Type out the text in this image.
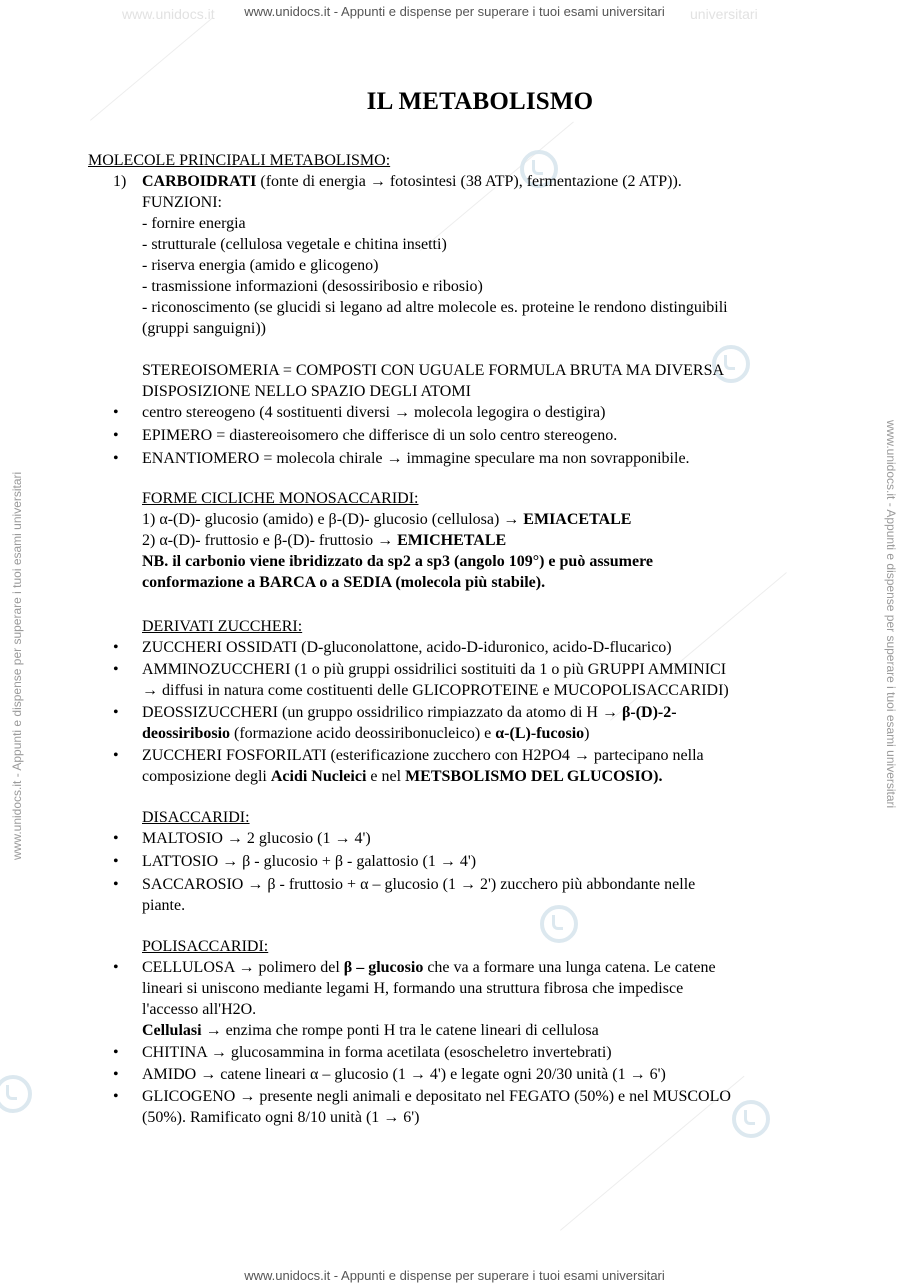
www.unidocs.it - Appunti e dispense per superare i tuoi esami universitari
www.unidocs.it - Appunti e dispense per superare i tuoi esami universitari
www.unidocs.it	universitari
www.unidocs.it - Appunti e dispense per superare i tuoi esami universitari	www.unidocs.it - Appunti e dispense per superare i tuoi esami universitari
IL METABOLISMO
MOLECOLE PRINCIPALI METABOLISMO:
1) CARBOIDRATI (fonte di energia → fotosintesi (38 ATP), fermentazione (2 ATP)).
FUNZIONI:
- fornire energia
- strutturale (cellulosa vegetale e chitina insetti)
- riserva energia (amido e glicogeno)
- trasmissione informazioni (desossiribosio e ribosio)
- riconoscimento (se glucidi si legano ad altre molecole es. proteine le rendono distinguibili
(gruppi sanguigni))
STEREOISOMERIA = COMPOSTI CON UGUALE FORMULA BRUTA MA DIVERSA
DISPOSIZIONE NELLO SPAZIO DEGLI ATOMI
• centro stereogeno (4 sostituenti diversi → molecola legogira o destigira)
• EPIMERO = diastereoisomero che differisce di un solo centro stereogeno.
• ENANTIOMERO = molecola chirale → immagine speculare ma non sovrapponibile.
FORME CICLICHE MONOSACCARIDI:
1) α-(D)- glucosio (amido) e β-(D)- glucosio (cellulosa) → EMIACETALE
2) α-(D)- fruttosio e β-(D)- fruttosio → EMICHETALE
NB. il carbonio viene ibridizzato da sp2 a sp3 (angolo 109°) e può assumere
conformazione a BARCA o a SEDIA (molecola più stabile).
DERIVATI ZUCCHERI:
• ZUCCHERI OSSIDATI (D-gluconolattone, acido-D-iduronico, acido-D-flucarico)
• AMMINOZUCCHERI (1 o più gruppi ossidrilici sostituiti da 1 o più GRUPPI AMMINICI
→ diffusi in natura come costituenti delle GLICOPROTEINE e MUCOPOLISACCARIDI)
• DEOSSIZUCCHERI (un gruppo ossidrilico rimpiazzato da atomo di H → β-(D)-2-
deossiribosio (formazione acido deossiribonucleico) e α-(L)-fucosio)
• ZUCCHERI FOSFORILATI (esterificazione zucchero con H2PO4 → partecipano nella
composizione degli Acidi Nucleici e nel METSBOLISMO DEL GLUCOSIO).
DISACCARIDI:
• MALTOSIO → 2 glucosio (1 → 4')
• LATTOSIO → β - glucosio + β - galattosio (1 → 4')
• SACCAROSIO → β - fruttosio + α – glucosio (1 → 2') zucchero più abbondante nelle
piante.
POLISACCARIDI:
• CELLULOSA → polimero del β – glucosio che va a formare una lunga catena. Le catene
lineari si uniscono mediante legami H, formando una struttura fibrosa che impedisce
l'accesso all'H2O.
Cellulasi → enzima che rompe ponti H tra le catene lineari di cellulosa
• CHITINA → glucosammina in forma acetilata (esoscheletro invertebrati)
• AMIDO → catene lineari α – glucosio (1 → 4') e legate ogni 20/30 unità (1 → 6')
• GLICOGENO → presente negli animali e depositato nel FEGATO (50%) e nel MUSCOLO
(50%). Ramificato ogni 8/10 unità (1 → 6')
